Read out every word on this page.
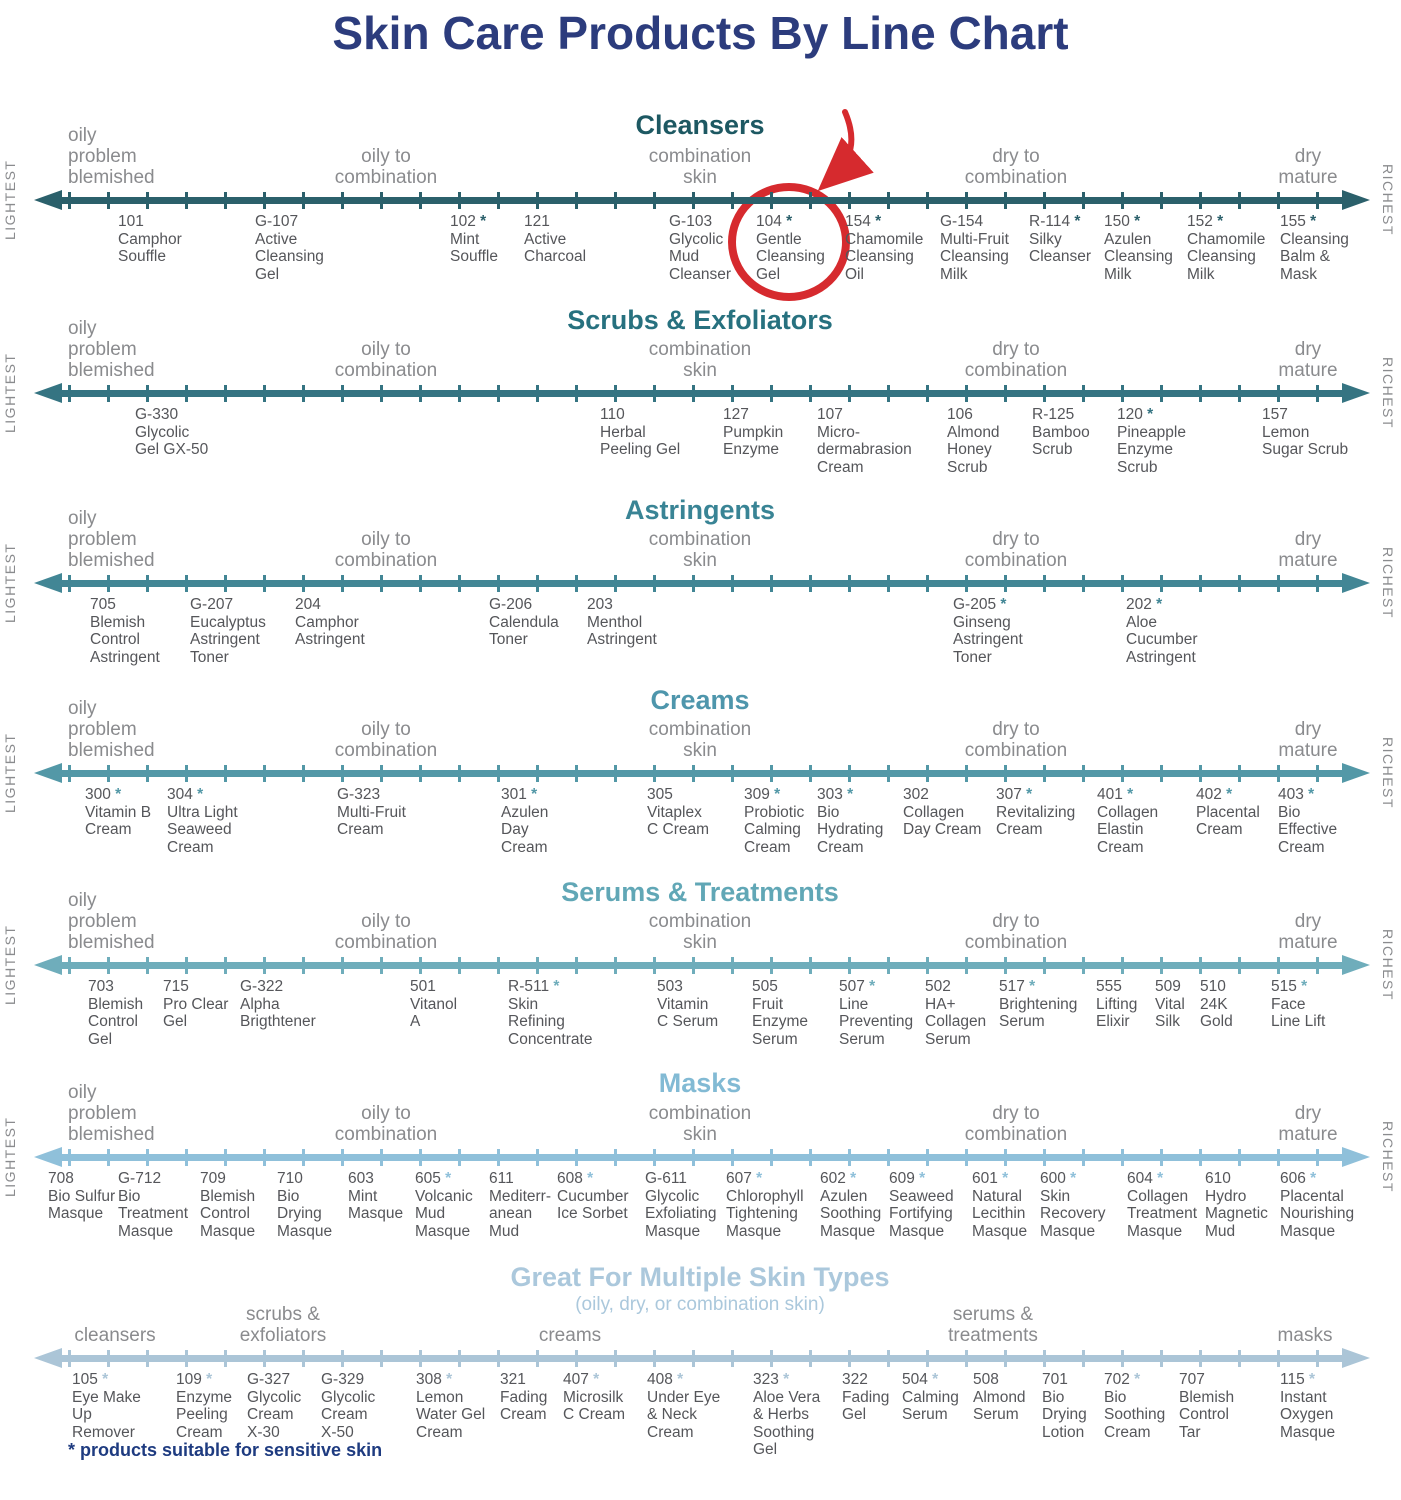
Skin Care Products By Line Chart
* products suitable for sensitive skin
Cleansers
oily
problem
blemished
oily to
combination
combination
skin
dry to
combination
dry
mature
LIGHTEST	RICHEST
101
Camphor
Souffle
G-107
Active
Cleansing
Gel
102 *
Mint
Souffle
121
Active
Charcoal
G-103
Glycolic
Mud
Cleanser
104 *
Gentle
Cleansing
Gel
154 *
Chamomile
Cleansing
Oil
G-154
Multi-Fruit
Cleansing
Milk
R-114 *
Silky
Cleanser
150 *
Azulen
Cleansing
Milk
152 *
Chamomile
Cleansing
Milk
155 *
Cleansing
Balm &
Mask
Scrubs & Exfoliators
oily
problem
blemished
oily to
combination
combination
skin
dry to
combination
dry
mature
LIGHTEST	RICHEST
G-330
Glycolic
Gel GX-50
110
Herbal
Peeling Gel
127
Pumpkin
Enzyme
107
Micro-
dermabrasion
Cream
106
Almond
Honey
Scrub
R-125
Bamboo
Scrub
120 *
Pineapple
Enzyme
Scrub
157
Lemon
Sugar Scrub
Astringents
oily
problem
blemished
oily to
combination
combination
skin
dry to
combination
dry
mature
LIGHTEST	RICHEST
705
Blemish
Control
Astringent
G-207
Eucalyptus
Astringent
Toner
204
Camphor
Astringent
G-206
Calendula
Toner
203
Menthol
Astringent
G-205 *
Ginseng
Astringent
Toner
202 *
Aloe
Cucumber
Astringent
Creams
oily
problem
blemished
oily to
combination
combination
skin
dry to
combination
dry
mature
LIGHTEST	RICHEST
300 *
Vitamin B
Cream
304 *
Ultra Light
Seaweed
Cream
G-323
Multi-Fruit
Cream
301 *
Azulen
Day
Cream
305
Vitaplex
C Cream
309 *
Probiotic
Calming
Cream
303 *
Bio
Hydrating
Cream
302
Collagen
Day Cream
307 *
Revitalizing
Cream
401 *
Collagen
Elastin
Cream
402 *
Placental
Cream
403 *
Bio
Effective
Cream
Serums & Treatments
oily
problem
blemished
oily to
combination
combination
skin
dry to
combination
dry
mature
LIGHTEST	RICHEST
703
Blemish
Control
Gel
715
Pro Clear
Gel
G-322
Alpha
Brigthtener
501
Vitanol
A
R-511 *
Skin
Refining
Concentrate
503
Vitamin
C Serum
505
Fruit
Enzyme
Serum
507 *
Line
Preventing
Serum
502
HA+
Collagen
Serum
517 *
Brightening
Serum
555
Lifting
Elixir
509
Vital
Silk
510
24K
Gold
515 *
Face
Line Lift
Masks
oily
problem
blemished
oily to
combination
combination
skin
dry to
combination
dry
mature
LIGHTEST	RICHEST
708
Bio Sulfur
Masque
G-712
Bio
Treatment
Masque
709
Blemish
Control
Masque
710
Bio
Drying
Masque
603
Mint
Masque
605 *
Volcanic
Mud
Masque
611
Mediterr-
anean
Mud
608 *
Cucumber
Ice Sorbet
G-611
Glycolic
Exfoliating
Masque
607 *
Chlorophyll
Tightening
Masque
602 *
Azulen
Soothing
Masque
609 *
Seaweed
Fortifying
Masque
601 *
Natural
Lecithin
Masque
600 *
Skin
Recovery
Masque
604 *
Collagen
Treatment
Masque
610
Hydro
Magnetic
Mud
606 *
Placental
Nourishing
Masque
Great For Multiple Skin Types
(oily, dry, or combination skin)
cleansers
scrubs &
exfoliators	creams
serums &
treatments	masks
105 *
Eye Make
Up
Remover
109 *
Enzyme
Peeling
Cream
G-327
Glycolic
Cream
X-30
G-329
Glycolic
Cream
X-50
308 *
Lemon
Water Gel
Cream
321
Fading
Cream
407 *
Microsilk
C Cream
408 *
Under Eye
& Neck
Cream
323 *
Aloe Vera
& Herbs
Soothing
Gel
322
Fading
Gel
504 *
Calming
Serum
508
Almond
Serum
701
Bio
Drying
Lotion
702 *
Bio
Soothing
Cream
707
Blemish
Control
Tar
115 *
Instant
Oxygen
Masque
